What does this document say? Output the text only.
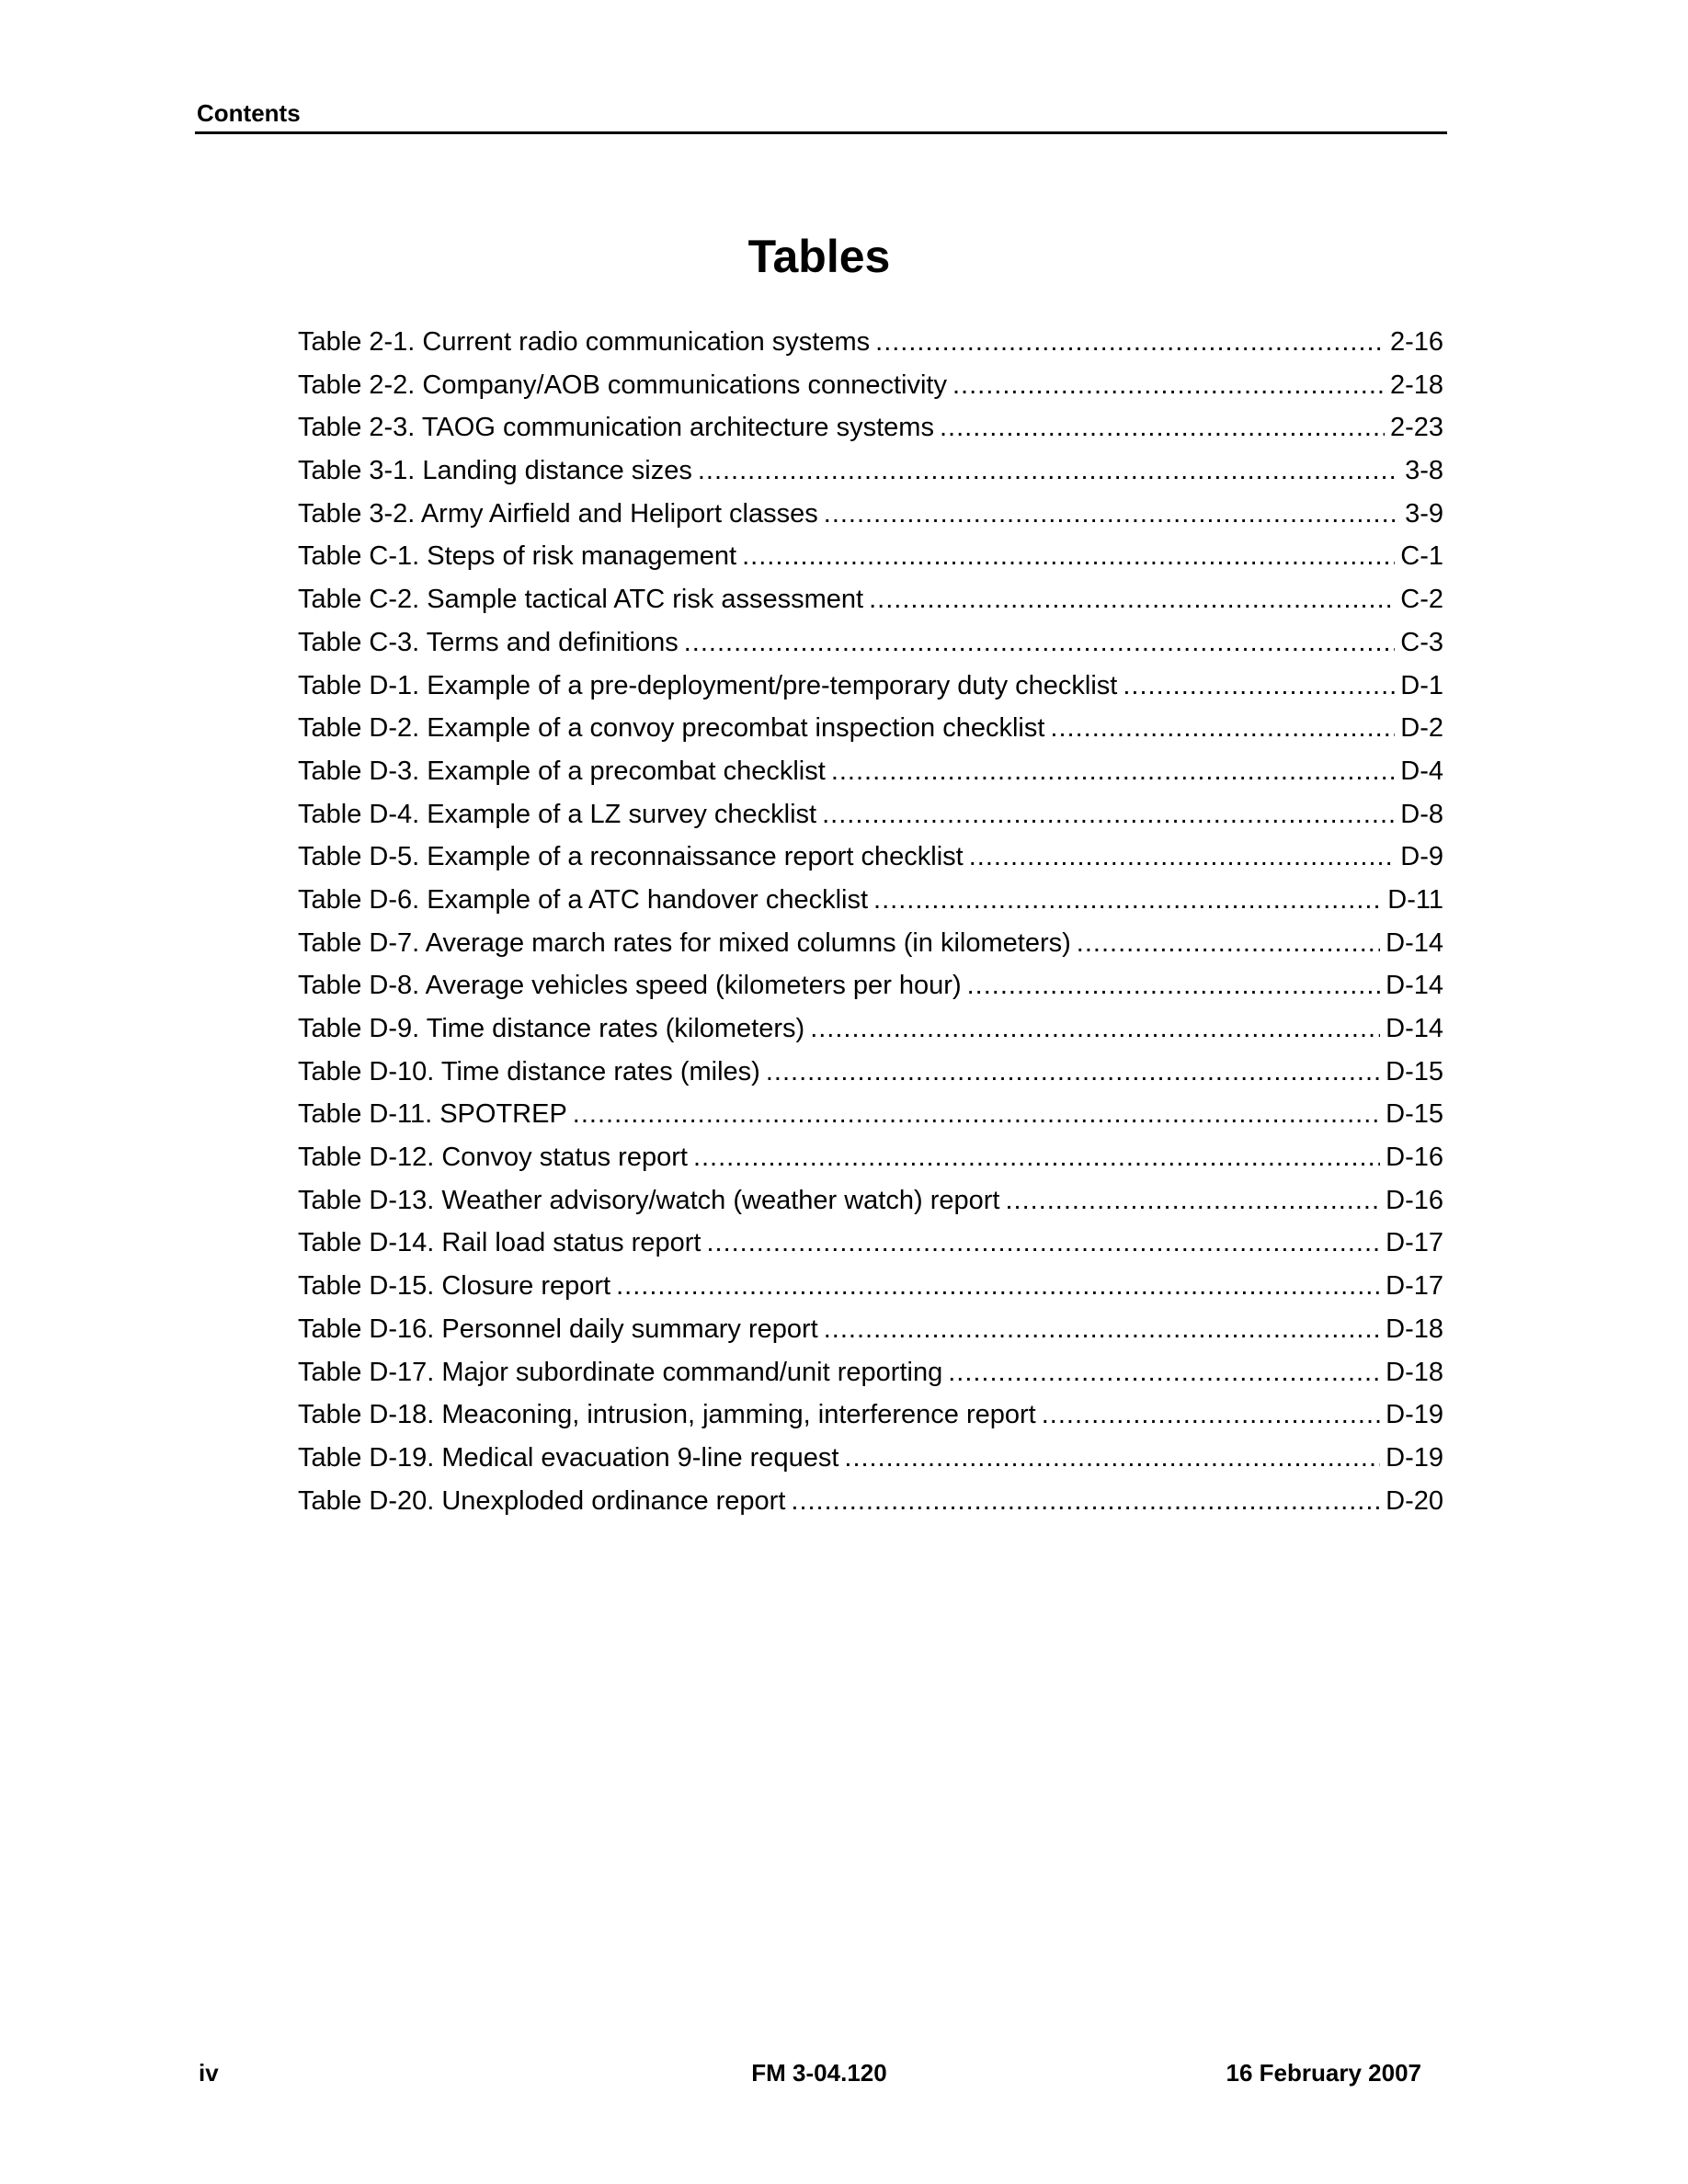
Contents
Tables
Table 2-1. Current radio communication systems .....	2-16
Table 2-2. Company/AOB communications connectivity .....	2-18
Table 2-3. TAOG communication architecture systems .....	2-23
Table 3-1. Landing distance sizes .....	3-8
Table 3-2. Army Airfield and Heliport classes .....	3-9
Table C-1. Steps of risk management .....	C-1
Table C-2. Sample tactical ATC risk assessment .....	C-2
Table C-3. Terms and definitions .....	C-3
Table D-1. Example of a pre-deployment/pre-temporary duty checklist .....	D-1
Table D-2. Example of a convoy precombat inspection checklist .....	D-2
Table D-3. Example of a precombat checklist .....	D-4
Table D-4. Example of a LZ survey checklist .....	D-8
Table D-5. Example of a reconnaissance report checklist .....	D-9
Table D-6. Example of a ATC handover checklist .....	D-11
Table D-7. Average march rates for mixed columns (in kilometers) .....	D-14
Table D-8. Average vehicles speed (kilometers per hour) .....	D-14
Table D-9. Time distance rates (kilometers) .....	D-14
Table D-10. Time distance rates (miles) .....	D-15
Table D-11. SPOTREP .....	D-15
Table D-12. Convoy status report .....	D-16
Table D-13. Weather advisory/watch (weather watch) report .....	D-16
Table D-14. Rail load status report .....	D-17
Table D-15. Closure report .....	D-17
Table D-16. Personnel daily summary report .....	D-18
Table D-17. Major subordinate command/unit reporting .....	D-18
Table D-18. Meaconing, intrusion, jamming, interference report .....	D-19
Table D-19. Medical evacuation 9-line request .....	D-19
Table D-20. Unexploded ordinance report .....	D-20
iv	FM 3-04.120	16 February 2007
